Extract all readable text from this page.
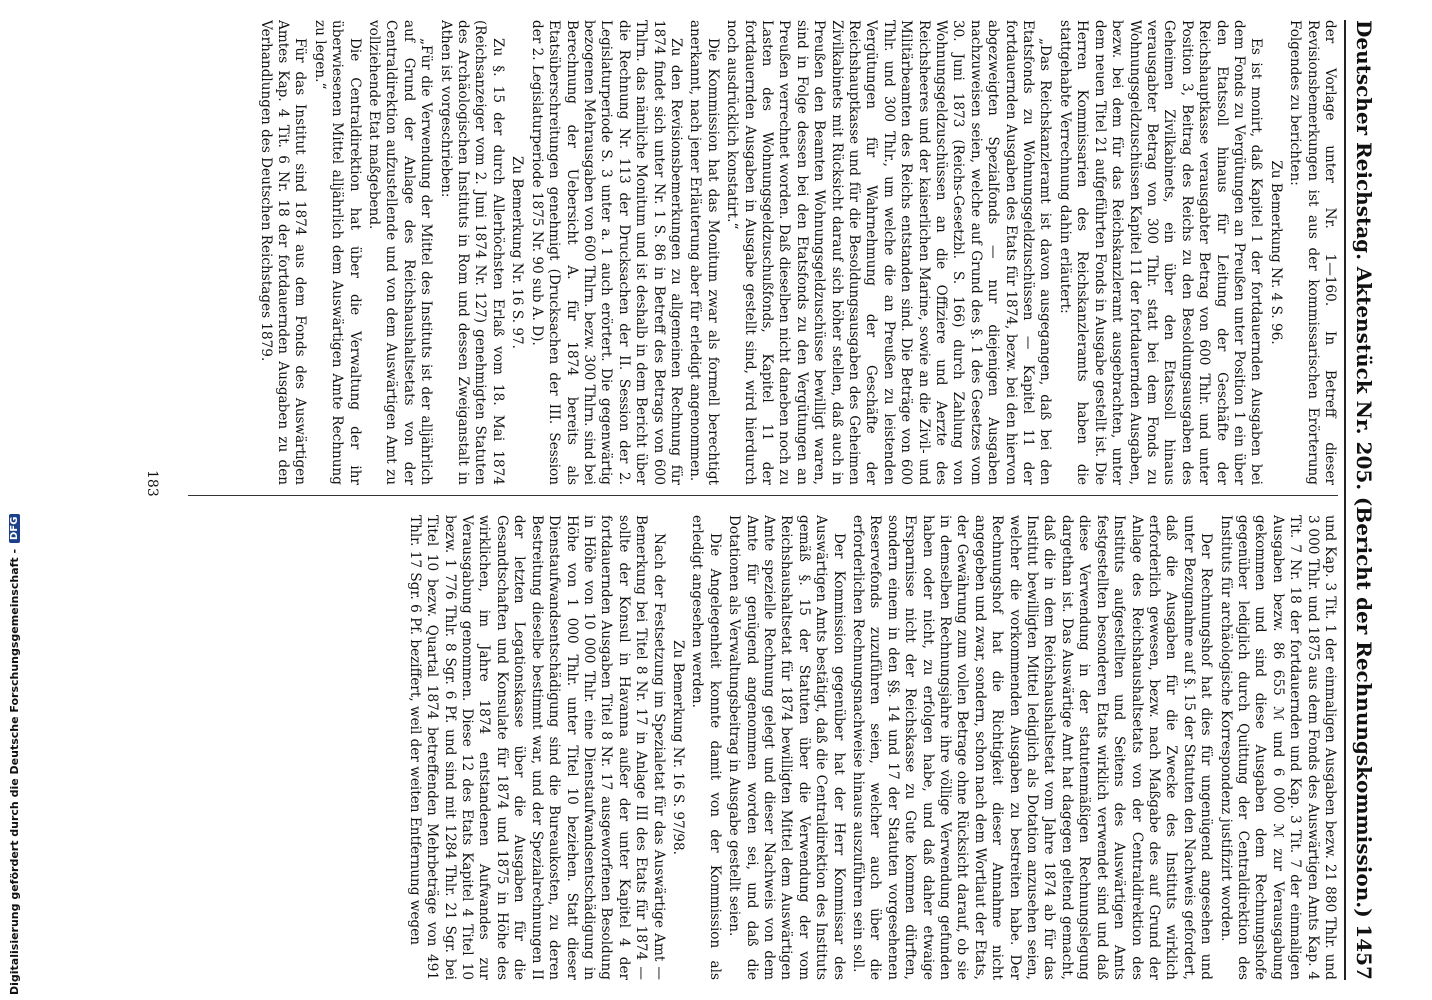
Deutscher Reichstag.
Aktenstück Nr. 205.
(Bericht der Rechnungskommission.)
1457

der Vorlage unter Nr. 1—160. In Betreff dieser Revisionsbemerkungen ist aus der kommissarischen Erörterung Folgendes zu berichten:

Zu Bemerkung Nr. 4 S. 96.

Es ist monirt, daß Kapitel 1 der fortdauernden Ausgaben bei dem Fonds zu Vergütungen an Preußen unter Position 1 ein über den Etatssoll hinaus für Leitung der Geschäfte der Reichshauptkasse verausgabter Betrag von 600 Thlr. und unter Position 3, Beitrag des Reichs zu den Besoldungsausgaben des Geheimen Zivilkabinets, ein über den Etatssoll hinaus verausgabter Betrag von 300 Thlr. statt bei dem Fonds zu Wohnungsgeldzuschüssen Kapitel 11 der fortdauernden Ausgaben, bezw. bei dem für das Reichskanzleramt ausgebrachten, unter dem neuen Titel 21 aufgeführten Fonds in Ausgabe gestellt ist. Die Herren Kommissarien des Reichskanzleramts haben die stattgehabte Verrechnung dahin erläutert:

„Das Reichskanzleramt ist davon ausgegangen, daß bei den Etatsfonds zu Wohnungsgeldzuschüssen — Kapitel 11 der fortdauernden Ausgaben des Etats für 1874, bezw. bei den hiervon abgezweigten Spezialfonds — nur diejenigen Ausgaben nachzuweisen seien, welche auf Grund des §. 1 des Gesetzes vom 30. Juni 1873 (Reichs-Gesetzbl. S. 166) durch Zahlung von Wohnungsgeldzuschüssen an die Offiziere und Aerzte des Reichsheeres und der kaiserlichen Marine, sowie an die Zivil- und Militärbeamten des Reichs entstanden sind. Die Beträge von 600 Thlr. und 300 Thlr., um welche die an Preußen zu leistenden Vergütungen für Wahrnehmung der Geschäfte der Reichshauptkasse und für die Besoldungsausgaben des Geheimen Zivilkabinets mit Rücksicht darauf sich höher stellen, daß auch in Preußen den Beamten Wohnungsgeldzuschüsse bewilligt waren, sind in Folge dessen bei den Etatsfonds zu den Vergütungen an Preußen verrechnet worden. Daß dieselben nicht daneben noch zu Lasten des Wohnungsgeldzuschußfonds, Kapitel 11 der fortdauernden Ausgaben in Ausgabe gestellt sind, wird hierdurch noch ausdrücklich konstatirt.“

Die Kommission hat das Monitum zwar als formell berechtigt anerkannt, nach jener Erläuterung aber für erledigt angenommen.

Zu den Revisionsbemerkungen zu allgemeinen Rechnung für 1874 findet sich unter Nr. 1 S. 86 in Betreff des Betrags von 600 Thlrn. das nämliche Monitum und ist deshalb in dem Bericht über die Rechnung Nr. 113 der Drucksachen der II. Session der 2. Legislaturperiode S. 3 unter a. 1 auch erörtert. Die gegenwärtig bezogenen Mehrausgaben von 600 Thlrn. bezw. 300 Thlrn. sind bei Berechnung der Uebersicht A. für 1874 bereits als Etatsüberschreitungen genehmigt (Drucksachen der III. Session der 2. Legislaturperiode 1875 Nr. 90 sub A. D).

Zu Bemerkung Nr. 16 S. 97.

Zu §. 15 der durch Allerhöchsten Erlaß vom 18. Mai 1874 (Reichsanzeiger vom 2. Juni 1874 Nr. 127) genehmigten Statuten des Archäologischen Instituts in Rom und dessen Zweiganstalt in Athen ist vorgeschrieben:

„Für die Verwendung der Mittel des Instituts ist der alljährlich auf Grund der Anlage des Reichshaushaltsetats von der Centraldirektion aufzustellende und von dem Auswärtigen Amt zu vollziehende Etat maßgebend.

Die Centraldirektion hat über die Verwaltung der ihr überwiesenen Mittel alljährlich dem Auswärtigen Amte Rechnung zu legen.“

Für das Institut sind 1874 aus dem Fonds des Auswärtigen Amtes Kap. 4 Tit. 6 Nr. 18 der fortdauernden Ausgaben zu den Verhandlungen des Deutschen Reichstages 1879.

und Kap. 3 Tit. 1 der einmaligen Ausgaben bezw. 21 880 Thlr. und 3 000 Thlr. und 1875 aus dem Fonds des Auswärtigen Amts Kap. 4 Tit. 7 Nr. 18 der fortdauernden und Kap. 3 Tit. 7 der einmaligen Ausgaben bezw. 86 655 ℳ und 6 000 ℳ zur Verausgabung gekommen und sind diese Ausgaben dem Rechnungshofe gegenüber lediglich durch Quittung der Centraldirektion des Instituts für archäologische Korrespondenz justifizirt worden.

Der Rechnungshof hat dies für ungenügend angesehen und unter Bezugnahme auf §. 15 der Statuten den Nachweis gefordert, daß die Ausgaben für die Zwecke des Instituts wirklich erforderlich gewesen, bezw. nach Maßgabe des auf Grund der Anlage des Reichshaushaltsetats von der Centraldirektion des Instituts aufgestellten und Seitens des Auswärtigen Amts festgestellten besonderen Etats wirklich verwendet sind und daß diese Verwendung in der statutenmäßigen Rechnungslegung dargethan ist. Das Auswärtige Amt hat dagegen geltend gemacht, daß die in dem Reichshaushaltsetat vom Jahre 1874 ab für das Institut bewilligten Mittel lediglich als Dotation anzusehen seien, welcher die vorkommenden Ausgaben zu bestreiten habe. Der Rechnungshof hat die Richtigkeit dieser Annahme nicht angegeben und zwar, sondern, schon nach dem Wortlaut der Etats, der Gewährung zum vollen Betrage ohne Rücksicht darauf, ob sie in demselben Rechnungsjahre ihre völlige Verwendung gefunden haben oder nicht, zu erfolgen habe, und daß daher etwaige Ersparnisse nicht der Reichskasse zu Gute kommen dürften, sondern einem in den §§. 14 und 17 der Statuten vorgesehenen Reservefonds zuzuführen seien, welcher auch über die erforderlichen Rechnungsnachweise hinaus auszuführen sein soll.

Der Kommission gegenüber hat der Herr Kommissar des Auswärtigen Amts bestätigt, daß die Centraldirektion des Instituts gemäß §. 15 der Statuten über die Verwendung der vom Reichshaushaltsetat für 1874 bewilligten Mittel dem Auswärtigen Amte spezielle Rechnung gelegt und dieser Nachweis von dem Amte für genügend angenommen worden sei, und daß die Dotationen als Verwaltungsbeitrag in Ausgabe gestellt seien.

Die Angelegenheit konnte damit von der Kommission als erledigt angesehen werden.

Zu Bemerkung Nr. 16 S. 97/98.

Nach der Festsetzung im Spezialetat für das Auswärtige Amt — Bemerkung bei Titel 8 Nr. 17 in Anlage III des Etats für 1874 — sollte der Konsul in Havanna außer der unter Kapitel 4 der fortdauernden Ausgaben Titel 8 Nr. 17 ausgeworfenen Besoldung in Höhe von 10 000 Thlr. eine Dienstaufwandsentschädigung in Höhe von 1 000 Thlr. unter Titel 10 beziehen. Statt dieser Dienstaufwandsentschädigung sind die Bureaukosten, zu deren Bestreitung dieselbe bestimmt war, und der Spezialrechnungen II der letzten Legationskasse über die Ausgaben für die Gesandtschaften und Konsulate für 1874 und 1875 in Höhe des wirklichen, im Jahre 1874 entstandenen Aufwandes zur Verausgabung genommen. Diese 12 des Etats Kapitel 4 Titel 10 bezw. 1 776 Thlr. 8 Sgr. 6 Pf. und sind mit 1284 Thlr. 21 Sgr. bei Titel 10 bezw. Quartal 1874 betreffenden Mehrbeträge von 491 Thlr. 17 Sgr. 6 Pf. beziffert, weil der weiten Entfernung wegen

183
Digitalisierung gefördert durch die Deutsche Forschungsgemeinschaft -
DFG
